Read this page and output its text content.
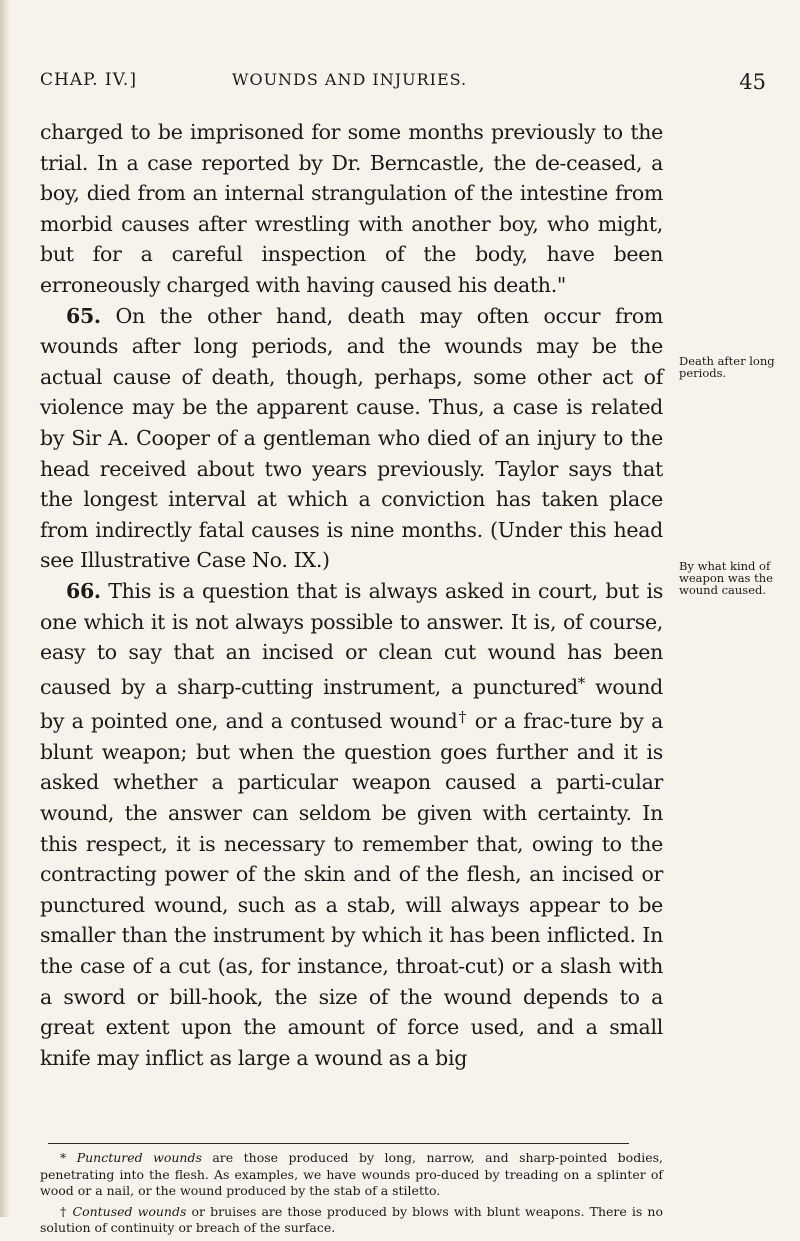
CHAP. IV.]	WOUNDS AND INJURIES.	45

charged to be imprisoned for some months previously to the trial. In a case reported by Dr. Berncastle, the de-ceased, a boy, died from an internal strangulation of the intestine from morbid causes after wrestling with another boy, who might, but for a careful inspection of the body, have been erroneously charged with having caused his death."

65. On the other hand, death may often occur from wounds after long periods, and the wounds may be the actual cause of death, though, perhaps, some other act of violence may be the apparent cause. Thus, a case is related by Sir A. Cooper of a gentleman who died of an injury to the head received about two years previously. Taylor says that the longest interval at which a conviction has taken place from indirectly fatal causes is nine months. (Under this head see Illustrative Case No. IX.)

66. This is a question that is always asked in court, but is one which it is not always possible to answer. It is, of course, easy to say that an incised or clean cut wound has been caused by a sharp-cutting instrument, a punctured* wound by a pointed one, and a contused wound† or a frac-ture by a blunt weapon; but when the question goes further and it is asked whether a particular weapon caused a parti-cular wound, the answer can seldom be given with certainty. In this respect, it is necessary to remember that, owing to the contracting power of the skin and of the flesh, an incised or punctured wound, such as a stab, will always appear to be smaller than the instrument by which it has been inflicted. In the case of a cut (as, for instance, throat-cut) or a slash with a sword or bill-hook, the size of the wound depends to a great extent upon the amount of force used, and a small knife may inflict as large a wound as a big

Death after long periods.
By what kind of weapon was the wound caused.

* Punctured wounds are those produced by long, narrow, and sharp-pointed bodies, penetrating into the flesh. As examples, we have wounds pro-duced by treading on a splinter of wood or a nail, or the wound produced by the stab of a stiletto.

† Contused wounds or bruises are those produced by blows with blunt weapons. There is no solution of continuity or breach of the surface.
